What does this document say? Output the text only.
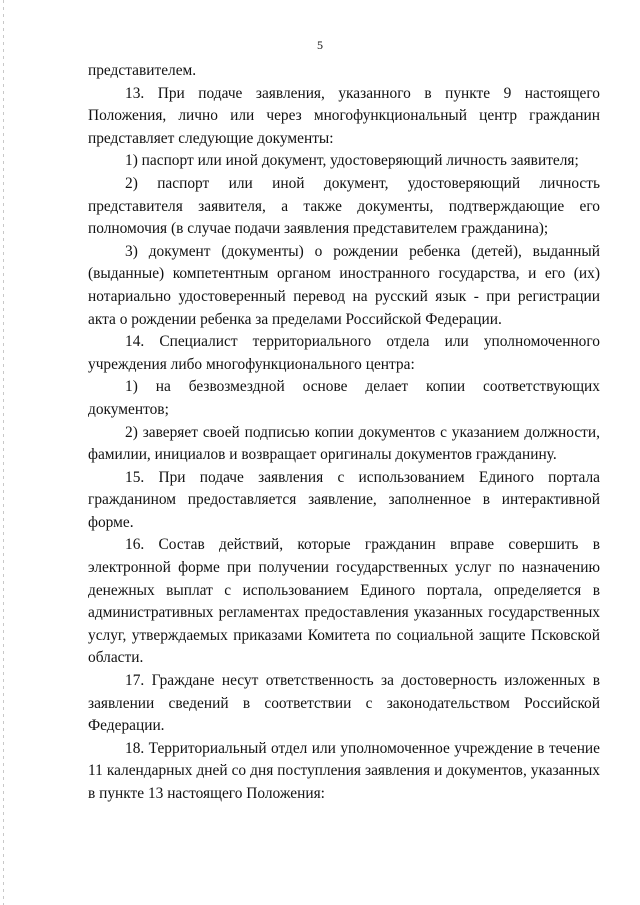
5

представителем.

13. При подаче заявления, указанного в пункте 9 настоящего Положения, лично или через многофункциональный центр гражданин представляет следующие документы:

1) паспорт или иной документ, удостоверяющий личность заявителя;

2) паспорт или иной документ, удостоверяющий личность представителя заявителя, а также документы, подтверждающие его полномочия (в случае подачи заявления представителем гражданина);

3) документ (документы) о рождении ребенка (детей), выданный (выданные) компетентным органом иностранного государства, и его (их) нотариально удостоверенный перевод на русский язык - при регистрации акта о рождении ребенка за пределами Российской Федерации.

14. Специалист территориального отдела или уполномоченного учреждения либо многофункционального центра:

1) на безвозмездной основе делает копии соответствующих документов;

2) заверяет своей подписью копии документов с указанием должности, фамилии, инициалов и возвращает оригиналы документов гражданину.

15. При подаче заявления с использованием Единого портала гражданином предоставляется заявление, заполненное в интерактивной форме.

16. Состав действий, которые гражданин вправе совершить в электронной форме при получении государственных услуг по назначению денежных выплат с использованием Единого портала, определяется в административных регламентах предоставления указанных государственных услуг, утверждаемых приказами Комитета по социальной защите Псковской области.

17. Граждане несут ответственность за достоверность изложенных в заявлении сведений в соответствии с законодательством Российской Федерации.

18. Территориальный отдел или уполномоченное учреждение в течение 11 календарных дней со дня поступления заявления и документов, указанных в пункте 13 настоящего Положения:
